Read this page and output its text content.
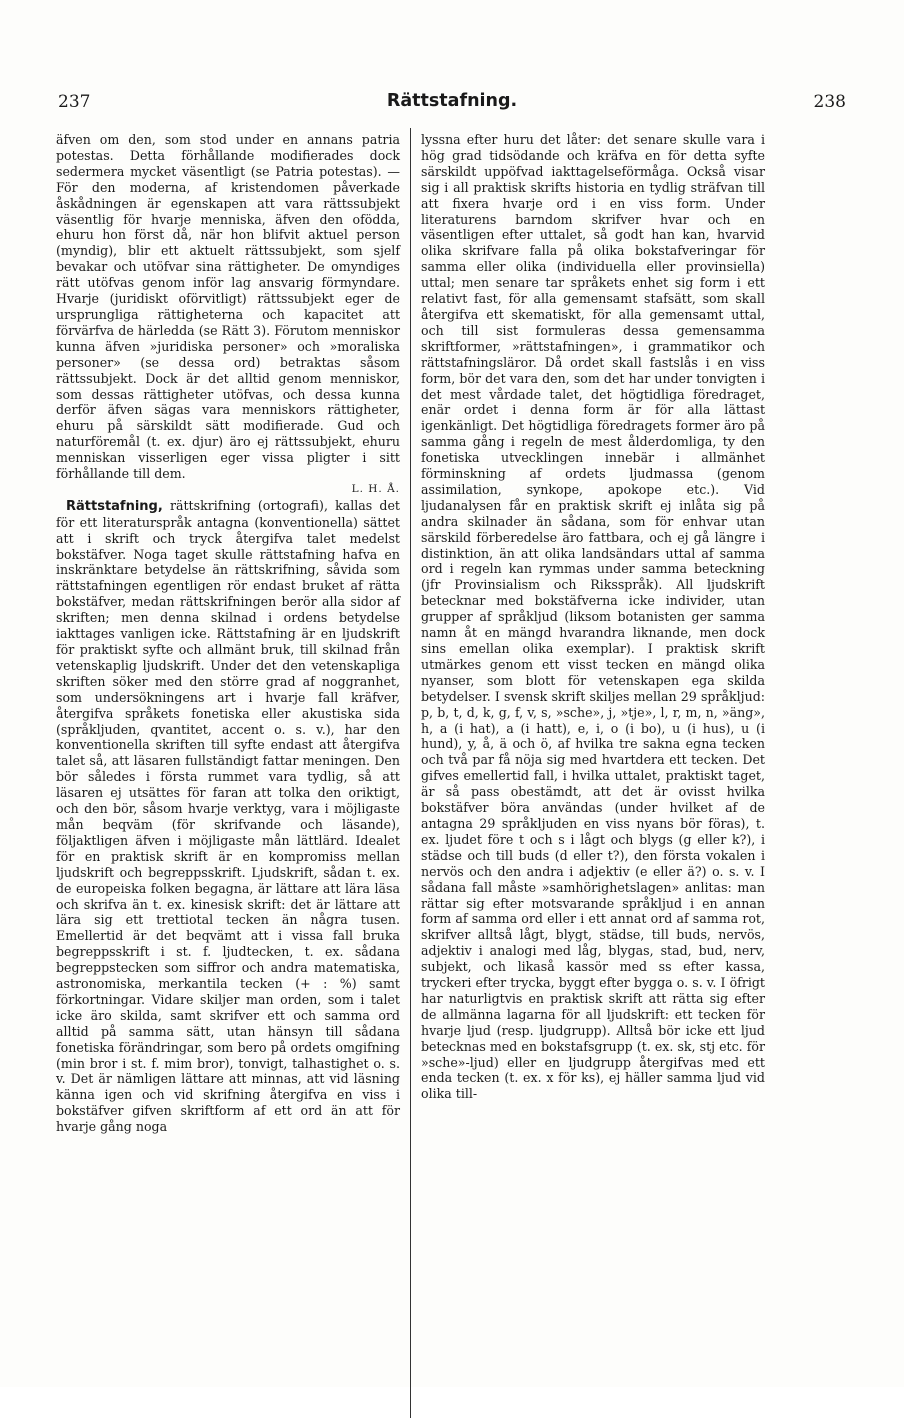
237	Rättstafning.	238

äfven om den, som stod under en annans patria potestas. Detta förhållande modifierades dock sedermera mycket väsentligt (se Patria potestas). — För den moderna, af kristendomen påverkade åskådningen är egenskapen att vara rättssubjekt väsentlig för hvarje menniska, äfven den ofödda, ehuru hon först då, när hon blifvit aktuel person (myndig), blir ett aktuelt rättssubjekt, som sjelf bevakar och utöfvar sina rättigheter. De omyndiges rätt utöfvas genom inför lag ansvarig förmyndare. Hvarje (juridiskt oförvitligt) rättssubjekt eger de ursprungliga rättigheterna och kapacitet att förvärfva de härledda (se Rätt 3). Förutom menniskor kunna äfven »juridiska personer» och »moraliska personer» (se dessa ord) betraktas såsom rättssubjekt. Dock är det alltid genom menniskor, som dessas rättigheter utöfvas, och dessa kunna derför äfven sägas vara menniskors rättigheter, ehuru på särskildt sätt modifierade. Gud och naturföremål (t. ex. djur) äro ej rättssubjekt, ehuru menniskan visserligen eger vissa pligter i sitt förhållande till dem.

L. H. Å.

Rättstafning, rättskrifning (ortografi), kallas det för ett literaturspråk antagna (konventionella) sättet att i skrift och tryck återgifva talet medelst bokstäfver. Noga taget skulle rättstafning hafva en inskränktare betydelse än rättskrifning, såvida som rättstafningen egentligen rör endast bruket af rätta bokstäfver, medan rättskrifningen berör alla sidor af skriften; men denna skilnad i ordens betydelse iakttages vanligen icke. Rättstafning är en ljudskrift för praktiskt syfte och allmänt bruk, till skilnad från vetenskaplig ljudskrift. Under det den vetenskapliga skriften söker med den större grad af noggranhet, som undersökningens art i hvarje fall kräfver, återgifva språkets fonetiska eller akustiska sida (språkljuden, qvantitet, accent o. s. v.), har den konventionella skriften till syfte endast att återgifva talet så, att läsaren fullständigt fattar meningen. Den bör således i första rummet vara tydlig, så att läsaren ej utsättes för faran att tolka den oriktigt, och den bör, såsom hvarje verktyg, vara i möjligaste mån beqväm (för skrifvande och läsande), följaktligen äfven i möjligaste mån lättlärd. Idealet för en praktisk skrift är en kompromiss mellan ljudskrift och begreppsskrift. Ljudskrift, sådan t. ex. de europeiska folken begagna, är lättare att lära läsa och skrifva än t. ex. kinesisk skrift: det är lättare att lära sig ett trettiotal tecken än några tusen. Emellertid är det beqvämt att i vissa fall bruka begreppsskrift i st. f. ljudtecken, t. ex. sådana begreppstecken som siffror och andra matematiska, astronomiska, merkantila tecken (+ : %) samt förkortningar. Vidare skiljer man orden, som i talet icke äro skilda, samt skrifver ett och samma ord alltid på samma sätt, utan hänsyn till sådana fonetiska förändringar, som bero på ordets omgifning (min bror i st. f. mim bror), tonvigt, talhastighet o. s. v. Det är nämligen lättare att minnas, att vid läsning känna igen och vid skrifning återgifva en viss i bokstäfver gifven skriftform af ett ord än att för hvarje gång noga

lyssna efter huru det låter: det senare skulle vara i hög grad tidsödande och kräfva en för detta syfte särskildt uppöfvad iakttagelseförmåga. Också visar sig i all praktisk skrifts historia en tydlig sträfvan till att fixera hvarje ord i en viss form. Under literaturens barndom skrifver hvar och en väsentligen efter uttalet, så godt han kan, hvarvid olika skrifvare falla på olika bokstafveringar för samma eller olika (individuella eller provinsiella) uttal; men senare tar språkets enhet sig form i ett relativt fast, för alla gemensamt stafsätt, som skall återgifva ett skematiskt, för alla gemensamt uttal, och till sist formuleras dessa gemensamma skriftformer, »rättstafningen», i grammatikor och rättstafningsläror. Då ordet skall fastslås i en viss form, bör det vara den, som det har under tonvigten i det mest vårdade talet, det högtidliga föredraget, enär ordet i denna form är för alla lättast igenkänligt. Det högtidliga föredragets former äro på samma gång i regeln de mest ålderdomliga, ty den fonetiska utvecklingen innebär i allmänhet förminskning af ordets ljudmassa (genom assimilation, synkope, apokope etc.). Vid ljudanalysen får en praktisk skrift ej inlåta sig på andra skilnader än sådana, som för enhvar utan särskild förberedelse äro fattbara, och ej gå längre i distinktion, än att olika landsändars uttal af samma ord i regeln kan rymmas under samma beteckning (jfr Provinsialism och Riksspråk). All ljudskrift betecknar med bokstäfverna icke individer, utan grupper af språkljud (liksom botanisten ger samma namn åt en mängd hvarandra liknande, men dock sins emellan olika exemplar). I praktisk skrift utmärkes genom ett visst tecken en mängd olika nyanser, som blott för vetenskapen ega skilda betydelser. I svensk skrift skiljes mellan 29 språkljud: p, b, t, d, k, g, f, v, s, »sche», j, »tje», l, r, m, n, »äng», h, a (i hat), a (i hatt), e, i, o (i bo), u (i hus), u (i hund), y, å, ä och ö, af hvilka tre sakna egna tecken och två par få nöja sig med hvartdera ett tecken. Det gifves emellertid fall, i hvilka uttalet, praktiskt taget, är så pass obestämdt, att det är ovisst hvilka bokstäfver böra användas (under hvilket af de antagna 29 språkljuden en viss nyans bör föras), t. ex. ljudet före t och s i lågt och blygs (g eller k?), i städse och till buds (d eller t?), den första vokalen i nervös och den andra i adjektiv (e eller ä?) o. s. v. I sådana fall måste »samhörighetslagen» anlitas: man rättar sig efter motsvarande språkljud i en annan form af samma ord eller i ett annat ord af samma rot, skrifver alltså lågt, blygt, städse, till buds, nervös, adjektiv i analogi med låg, blygas, stad, bud, nerv, subjekt, och likaså kassör med ss efter kassa, tryckeri efter trycka, byggt efter bygga o. s. v. I öfrigt har naturligtvis en praktisk skrift att rätta sig efter de allmänna lagarna för all ljudskrift: ett tecken för hvarje ljud (resp. ljudgrupp). Alltså bör icke ett ljud betecknas med en bokstafsgrupp (t. ex. sk, stj etc. för »sche»-ljud) eller en ljudgrupp återgifvas med ett enda tecken (t. ex. x för ks), ej häller samma ljud vid olika till-
